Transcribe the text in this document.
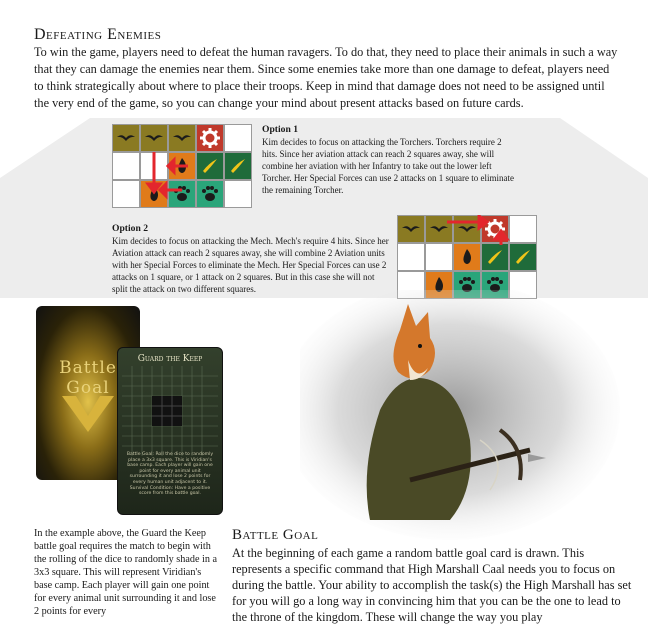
Defeating Enemies
To win the game, players need to defeat the human ravagers. To do that, they need to place their animals in such a way that they can damage the enemies near them. Since some enemies take more than one damage to defeat, players need to think strategically about where to place their troops. Keep in mind that damage does not need to be assigned until the very end of the game, so you can change your mind about present attacks based on future cards.
Option 1
Kim decides to focus on attacking the Torchers. Torchers require 2 hits. Since her aviation attack can reach 2 squares away, she will combine her aviation with her Infantry to take out the lower left Torcher. Her Special Forces can use 2 attacks on 1 square to eliminate the remaining Torcher.
Option 2
Kim decides to focus on attacking the Mech. Mech's require 4 hits. Since her Aviation attack can reach 2 squares away, she will combine 2 Aviation units with her Special Forces to eliminate the Mech. Her Special Forces can use 2 attacks on 1 square, or 1 attack on 2 squares. But in this case she will not split the attack on two different squares.
Battle
Goal
Guard the Keep
Battle Goal: Roll the dice to randomly place a 3x3 square. This is Viridian's base camp. Each player will gain one point for every animal unit surrounding it and lose 2 points for every human unit adjacent to it. Survival Condition: Have a positive score from this battle goal.
In the example above, the Guard the Keep battle goal requires the match to begin with the rolling of the dice to randomly shade in a 3x3 square. This will represent Viridian's base camp. Each player will gain one point for every animal unit surrounding it and lose 2 points for every
Battle Goal
At the beginning of each game a random battle goal card is drawn. This represents a specific command that High Marshall Caal needs you to focus on during the battle. Your ability to accomplish the task(s) the High Marshall has set for you will go a long way in convincing him that you can be the one to lead to the throne of the kingdom. These will change the way you play
